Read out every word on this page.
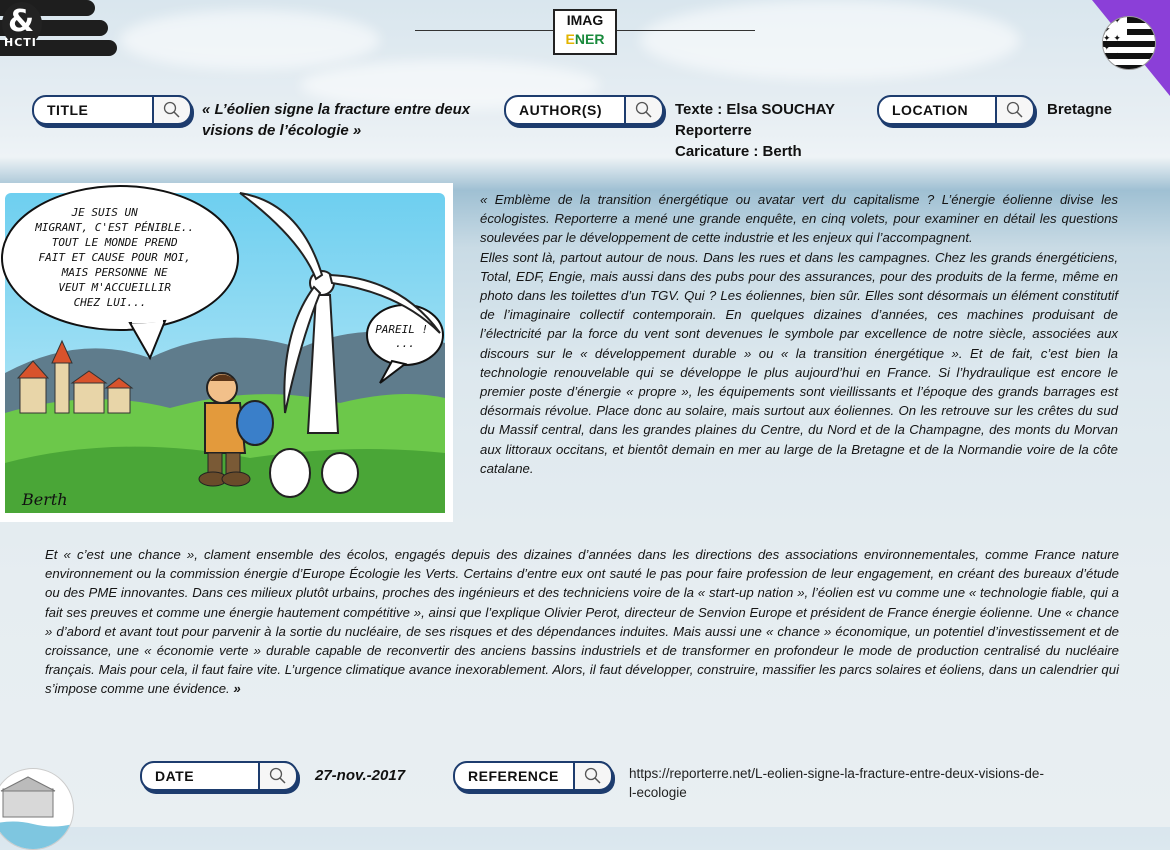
&
HCTI
IMAG
ENER
✦ ✦ ✦
✦ ✦ ✦
✦ ✦ ✦
TITLE	« L’éolien signe la fracture entre deux visions de l’écologie »
AUTHOR(S)	Texte : Elsa SOUCHAY
Reporterre
Caricature : Berth
LOCATION	Bretagne
JE SUIS UN MIGRANT, C'EST PÉNIBLE.. TOUT LE MONDE PREND FAIT ET CAUSE POUR MOI, MAIS PERSONNE NE VEUT M'ACCUEILLIR CHEZ LUI...
PAREIL ! ...
Berth
« Emblème de la transition énergétique ou avatar vert du capitalisme ? L’énergie éolienne divise les écologistes. Reporterre a mené une grande enquête, en cinq volets, pour examiner en détail les questions soulevées par le développement de cette industrie et les enjeux qui l’accompagnent.
Elles sont là, partout autour de nous. Dans les rues et dans les campagnes. Chez les grands énergéticiens, Total, EDF, Engie, mais aussi dans des pubs pour des assurances, pour des produits de la ferme, même en photo dans les toilettes d’un TGV. Qui ? Les éoliennes, bien sûr. Elles sont désormais un élément constitutif de l’imaginaire collectif contemporain. En quelques dizaines d’années, ces machines produisant de l’électricité par la force du vent sont devenues le symbole par excellence de notre siècle, associées aux discours sur le « développement durable » ou « la transition énergétique ». Et de fait, c’est bien la technologie renouvelable qui se développe le plus aujourd’hui en France. Si l’hydraulique est encore le premier poste d’énergie « propre », les équipements sont vieillissants et l’époque des grands barrages est désormais révolue. Place donc au solaire, mais surtout aux éoliennes. On les retrouve sur les crêtes du sud du Massif central, dans les grandes plaines du Centre, du Nord et de la Champagne, des monts du Morvan aux littoraux occitans, et bientôt demain en mer au large de la Bretagne et de la Normandie voire de la côte catalane.
Et « c’est une chance », clament ensemble des écolos, engagés depuis des dizaines d’années dans les directions des associations environnementales, comme France nature environnement ou la commission énergie d’Europe Écologie les Verts. Certains d’entre eux ont sauté le pas pour faire profession de leur engagement, en créant des bureaux d’étude ou des PME innovantes. Dans ces milieux plutôt urbains, proches des ingénieurs et des techniciens voire de la « start-up nation », l’éolien est vu comme une « technologie fiable, qui a fait ses preuves et comme une énergie hautement compétitive », ainsi que l’explique Olivier Perot, directeur de Senvion Europe et président de France énergie éolienne. Une « chance » d’abord et avant tout pour parvenir à la sortie du nucléaire, de ses risques et des dépendances induites. Mais aussi une « chance » économique, un potentiel d’investissement et de croissance, une « économie verte » durable capable de reconvertir des anciens bassins industriels et de transformer en profondeur le mode de production centralisé du nucléaire français. Mais pour cela, il faut faire vite. L’urgence climatique avance inexorablement. Alors, il faut développer, construire, massifier les parcs solaires et éoliens, dans un calendrier qui s’impose comme une évidence. »
DATE	27-nov.-2017	REFERENCE	https://reporterre.net/L-eolien-signe-la-fracture-entre-deux-visions-de-l-ecologie
